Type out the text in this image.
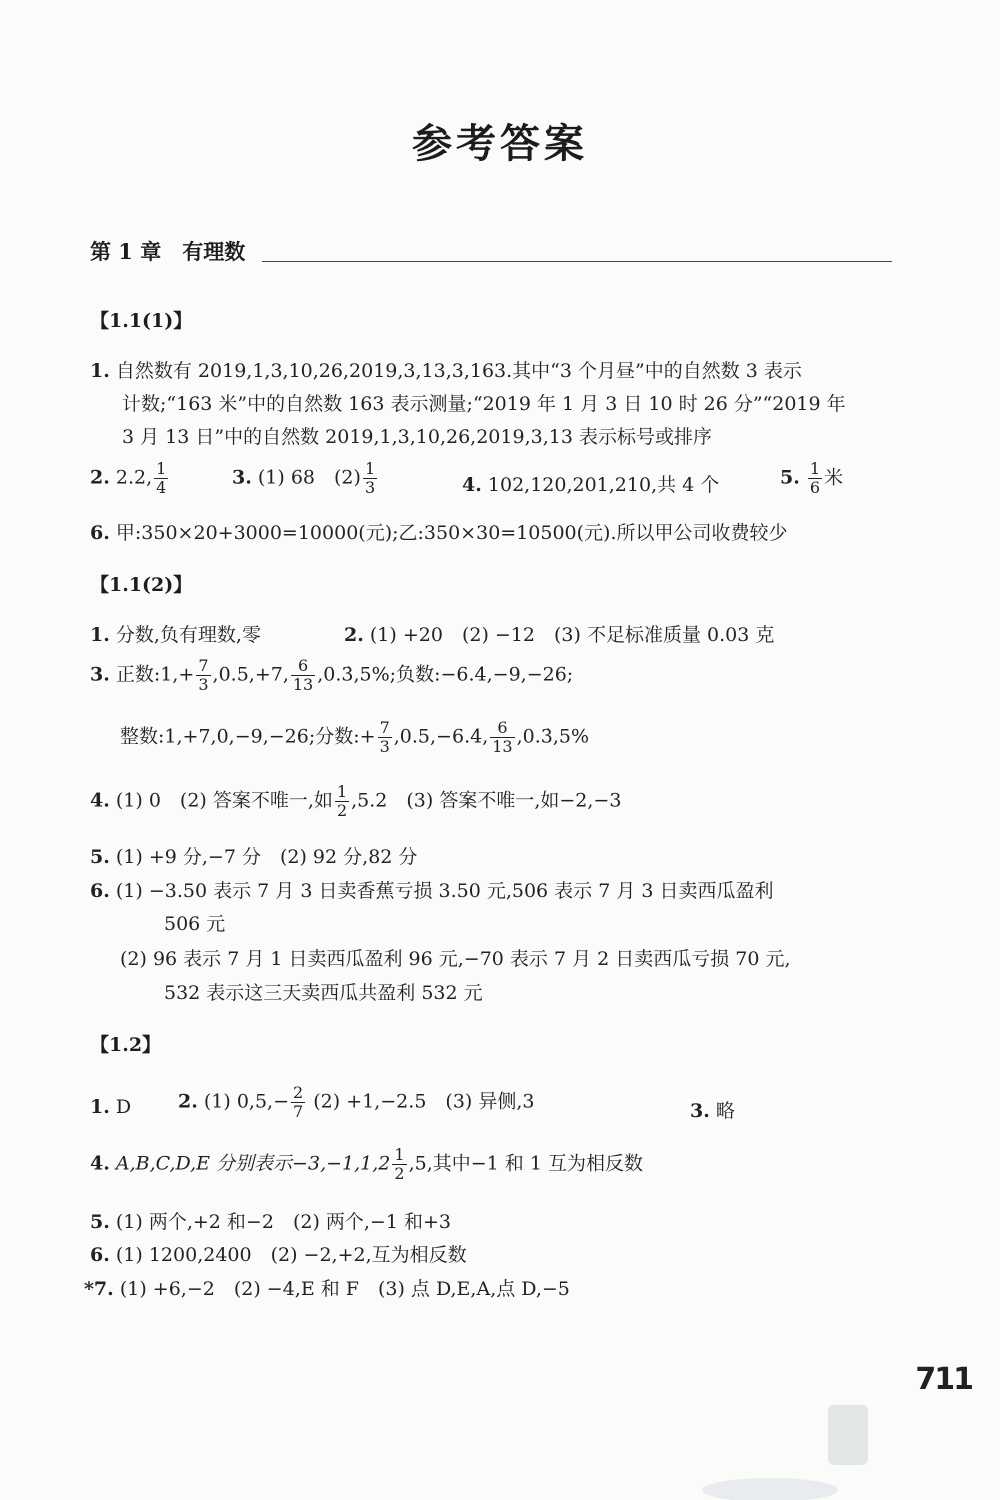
参考答案
第 1 章　有理数
【1.1(1)】
1. 自然数有 2019,1,3,10,26,2019,3,13,3,163.其中“3 个月昼”中的自然数 3 表示
计数;“163 米”中的自然数 163 表示测量;“2019 年 1 月 3 日 10 时 26 分”“2019 年
3 月 13 日”中的自然数 2019,1,3,10,26,2019,3,13 表示标号或排序
2. 2.2, $\frac{1}{4}$	3. (1) 68　$(2) \frac{1}{3}$	4. 102,120,201,210,共 4 个	5. $\frac{1}{6}$ 米
6. 甲:350×20+3000=10000(元);乙:350×30=10500(元).所以甲公司收费较少
【1.1(2)】
1. 分数,负有理数,零	2. (1) +20　(2) −12　(3) 不足标准质量 0.03 克
3. 正数:1,+ $\frac{7}{3} ,0.5,+7$, $\frac{6}{13}$ ,0.3̇,5%;负数:−6.4,−9,−26;
整数:1,+7,0,−9,−26;分数:+ $\frac{7}{3} ,0.5,-6.4$, $\frac{6}{13}$ ,0.3̇,5%
4. (1) 0　(2) 答案不唯一,如 $\frac{1}{2} ,5.2$　(3) 答案不唯一,如−2,−3
5. (1) +9 分,−7 分　(2) 92 分,82 分
6. (1) −3.50 表示 7 月 3 日卖香蕉亏损 3.50 元,506 表示 7 月 3 日卖西瓜盈利
506 元
(2) 96 表示 7 月 1 日卖西瓜盈利 96 元,−70 表示 7 月 2 日卖西瓜亏损 70 元,
532 表示这三天卖西瓜共盈利 532 元
【1.2】
1. D 2. (1) $0,5,- \frac{2}{7} (2) +1,-2.5$　(3) 异侧,3	3. 略
4. A,B,C,D,E 分别表示$-3,-1,1,2 \frac{1}{2} ,5$,其中−1 和 1 互为相反数
5. (1) 两个,+2 和−2　(2) 两个,−1 和+3
6. (1) 1200,2400　(2) −2,+2,互为相反数
*7. (1) +6,−2　(2) −4,E 和 F　(3) 点 D,E,A,点 D,−5
711
